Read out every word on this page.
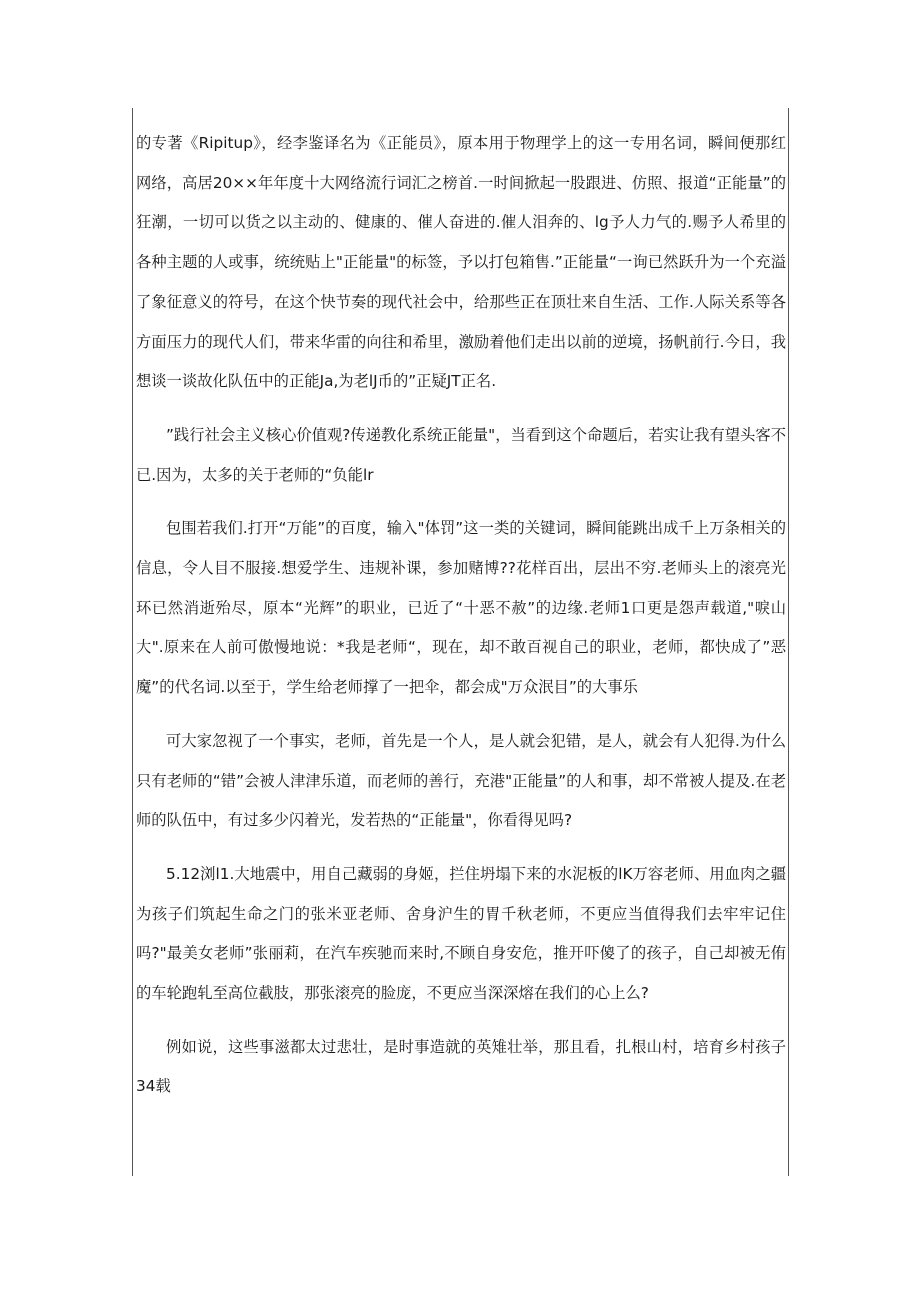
的专著《Ripitup》，经李鉴译名为《正能员》，原本用于物理学上的这一专用名词，瞬间便那红网络，高居20××年年度十大网络流行词汇之榜首.一时间掀起一股跟进、仿照、报道“正能量”的狂潮，一切可以货之以主动的、健康的、催人奋进的.催人泪奔的、lg予人力气的.赐予人希里的各种主题的人或事，统统贴上"正能量"的标签，予以打包箱售.”正能量“一询已然跃升为一个充溢了象征意义的符号，在这个快节奏的现代社会中，给那些正在顶壮来自生活、工作.人际关系等各方面压力的现代人们，带来华雷的向往和希里，激励着他们走出以前的逆境，扬帆前行.今日，我想谈一谈故化队伍中的正能Ja,为老lJ币的”正疑JT正名.

”践行社会主义核心价值观?传递教化系统正能量"，当看到这个命题后，若实让我有望头客不已.因为，太多的关于老师的“负能lr

包围若我们.打开“万能”的百度，输入"体罚”这一类的关键词，瞬间能跳出成千上万条相关的信息，令人目不服接.想爱学生、违规补课，参加赌博??花样百出，层出不穷.老师头上的滚亮光环已然消逝殆尽，原本“光辉”的职业，已近了“十恶不赦”的边缘.老师1口更是怨声载道,"唳山大".原来在人前可傲慢地说：*我是老师“，现在，却不敢百视自己的职业，老师，都快成了”恶魔”的代名词.以至于，学生给老师撑了一把伞，都会成"万众泯目”的大事乐

可大家忽视了一个事实，老师，首先是一个人，是人就会犯错，是人，就会有人犯得.为什么只有老师的“错”会被人津津乐道，而老师的善行，充港"正能量”的人和事，却不常被人提及.在老师的队伍中，有过多少闪着光，发若热的“正能量"，你看得见吗?

5.12浏l1.大地震中，用自己藏弱的身姬，拦住坍塌下来的水泥板的lK万容老师、用血肉之疆为孩子们筑起生命之门的张米亚老师、舍身沪生的胃千秋老师，不更应当值得我们去牢牢记住吗?"最美女老师”张丽莉，在汽车疾驰而来时,不顾自身安危，推开吓傻了的孩子，自己却被无侑的车轮跑轧至高位截肢，那张滚亮的脸庞，不更应当深深熔在我们的心上么?

例如说，这些事滋都太过悲壮，是时事造就的英雉壮举，那且看，扎根山村，培育乡村孩子34载
